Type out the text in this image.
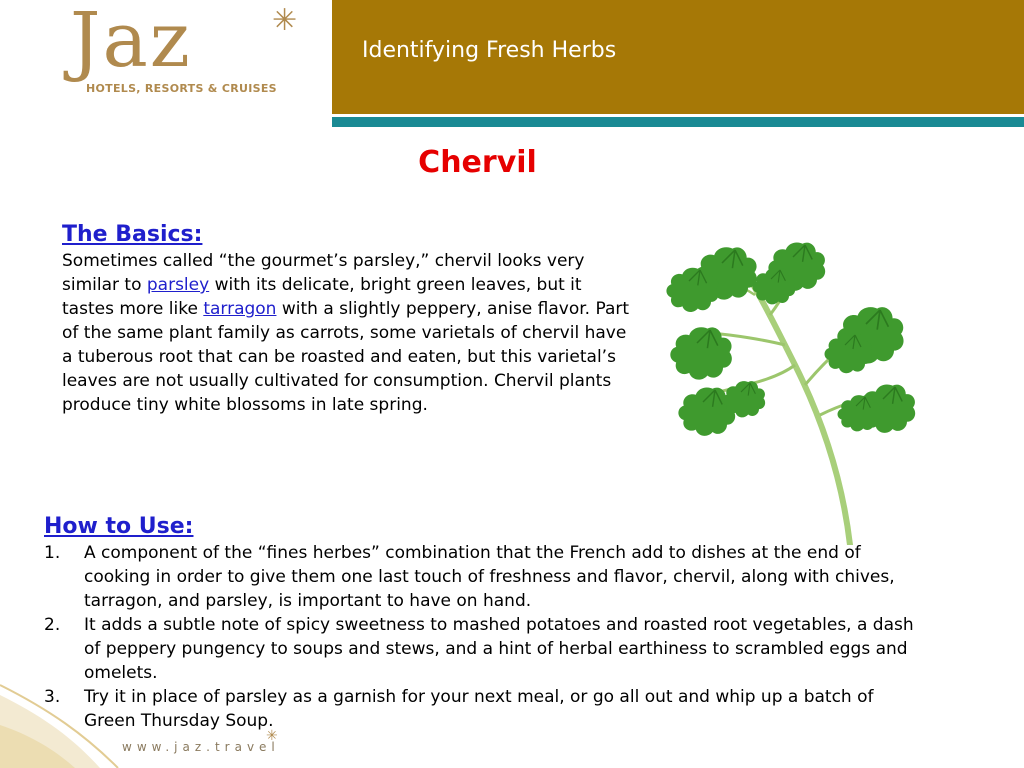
Jaz	✳
HOTELS, RESORTS & CRUISES
Identifying Fresh Herbs
Chervil
The Basics:

Sometimes called “the gourmet’s parsley,” chervil looks very similar to parsley with its delicate, bright green leaves, but it tastes more like tarragon with a slightly peppery, anise flavor. Part of the same plant family as carrots, some varietals of chervil have a tuberous root that can be roasted and eaten, but this varietal’s leaves are not usually cultivated for consumption. Chervil plants produce tiny white blossoms in late spring.

How to Use:
1. A component of the “fines herbes” combination that the French add to dishes at the end of cooking in order to give them one last touch of freshness and flavor, chervil, along with chives, tarragon, and parsley, is important to have on hand.
2. It adds a subtle note of spicy sweetness to mashed potatoes and roasted root vegetables, a dash of peppery pungency to soups and stews, and a hint of herbal earthiness to scrambled eggs and omelets.
3. Try it in place of parsley as a garnish for your next meal, or go all out and whip up a batch of Green Thursday Soup.
www.jaz.travel
✳
